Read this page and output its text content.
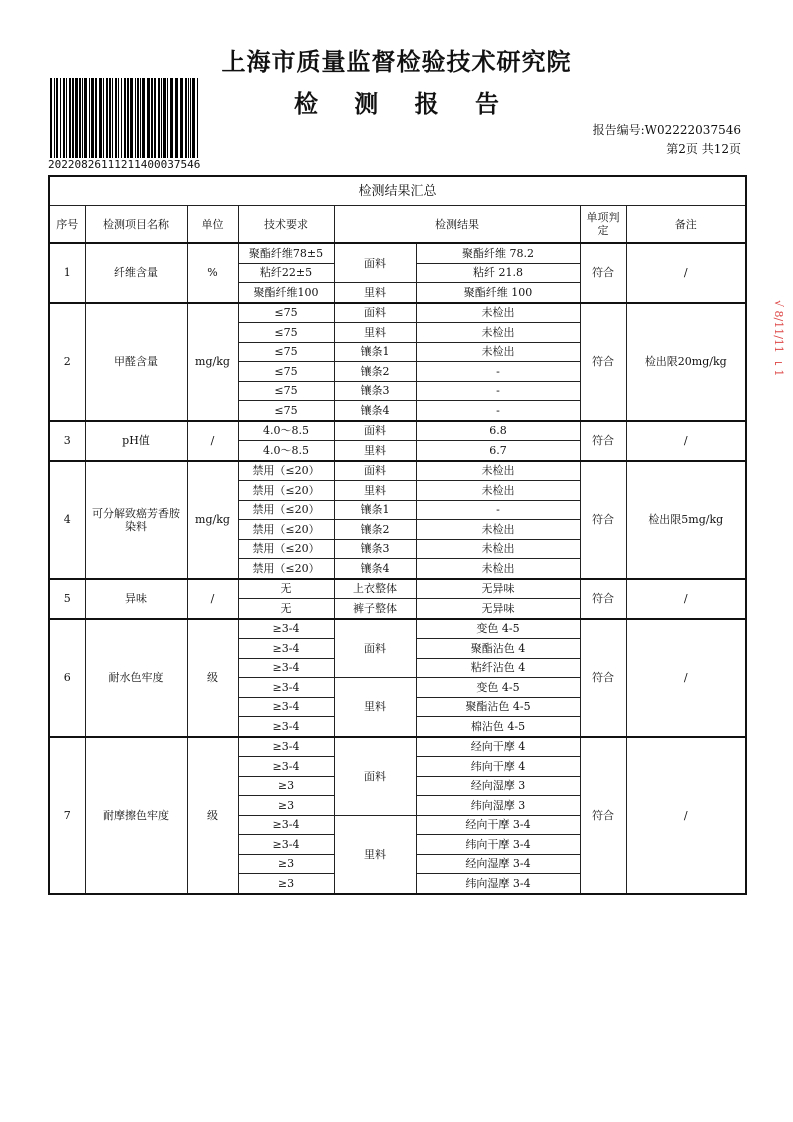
上海市质量监督检验技术研究院
检 测 报 告
20220826111211400037546
报告编号:W02222037546
第2页 共12页
√ 8/11/11 ⌐1
检测结果汇总							
序号	检测项目名称	单位	技术要求	检测结果		单项判定	备注
1	纤维含量	%	聚酯纤维78±5	面料	聚酯纤维 78.2	符合	/
			粘纤22±5		粘纤 21.8		
			聚酯纤维100	里料	聚酯纤维 100		
2	甲醛含量	mg/kg	≤75	面料	未检出	符合	检出限20mg/kg
			≤75	里料	未检出		
			≤75	镶条1	未检出		
			≤75	镶条2	-		
			≤75	镶条3	-		
			≤75	镶条4	-		
3	pH值	/	4.0～8.5	面料	6.8	符合	/
			4.0～8.5	里料	6.7		
4	可分解致癌芳香胺染料	mg/kg	禁用（≤20）	面料	未检出	符合	检出限5mg/kg
			禁用（≤20）	里料	未检出		
			禁用（≤20）	镶条1	-		
			禁用（≤20）	镶条2	未检出		
			禁用（≤20）	镶条3	未检出		
			禁用（≤20）	镶条4	未检出		
5	异味	/	无	上衣整体	无异味	符合	/
			无	裤子整体	无异味		
6	耐水色牢度	级	≥3-4	面料	变色 4-5	符合	/
			≥3-4		聚酯沾色 4		
			≥3-4		粘纤沾色 4		
			≥3-4	里料	变色 4-5		
			≥3-4		聚酯沾色 4-5		
			≥3-4		棉沾色 4-5		
7	耐摩擦色牢度	级	≥3-4	面料	经向干摩 4	符合	/
			≥3-4		纬向干摩 4		
			≥3		经向湿摩 3		
			≥3		纬向湿摩 3		
			≥3-4	里料	经向干摩 3-4		
			≥3-4		纬向干摩 3-4		
			≥3		经向湿摩 3-4		
			≥3		纬向湿摩 3-4		
